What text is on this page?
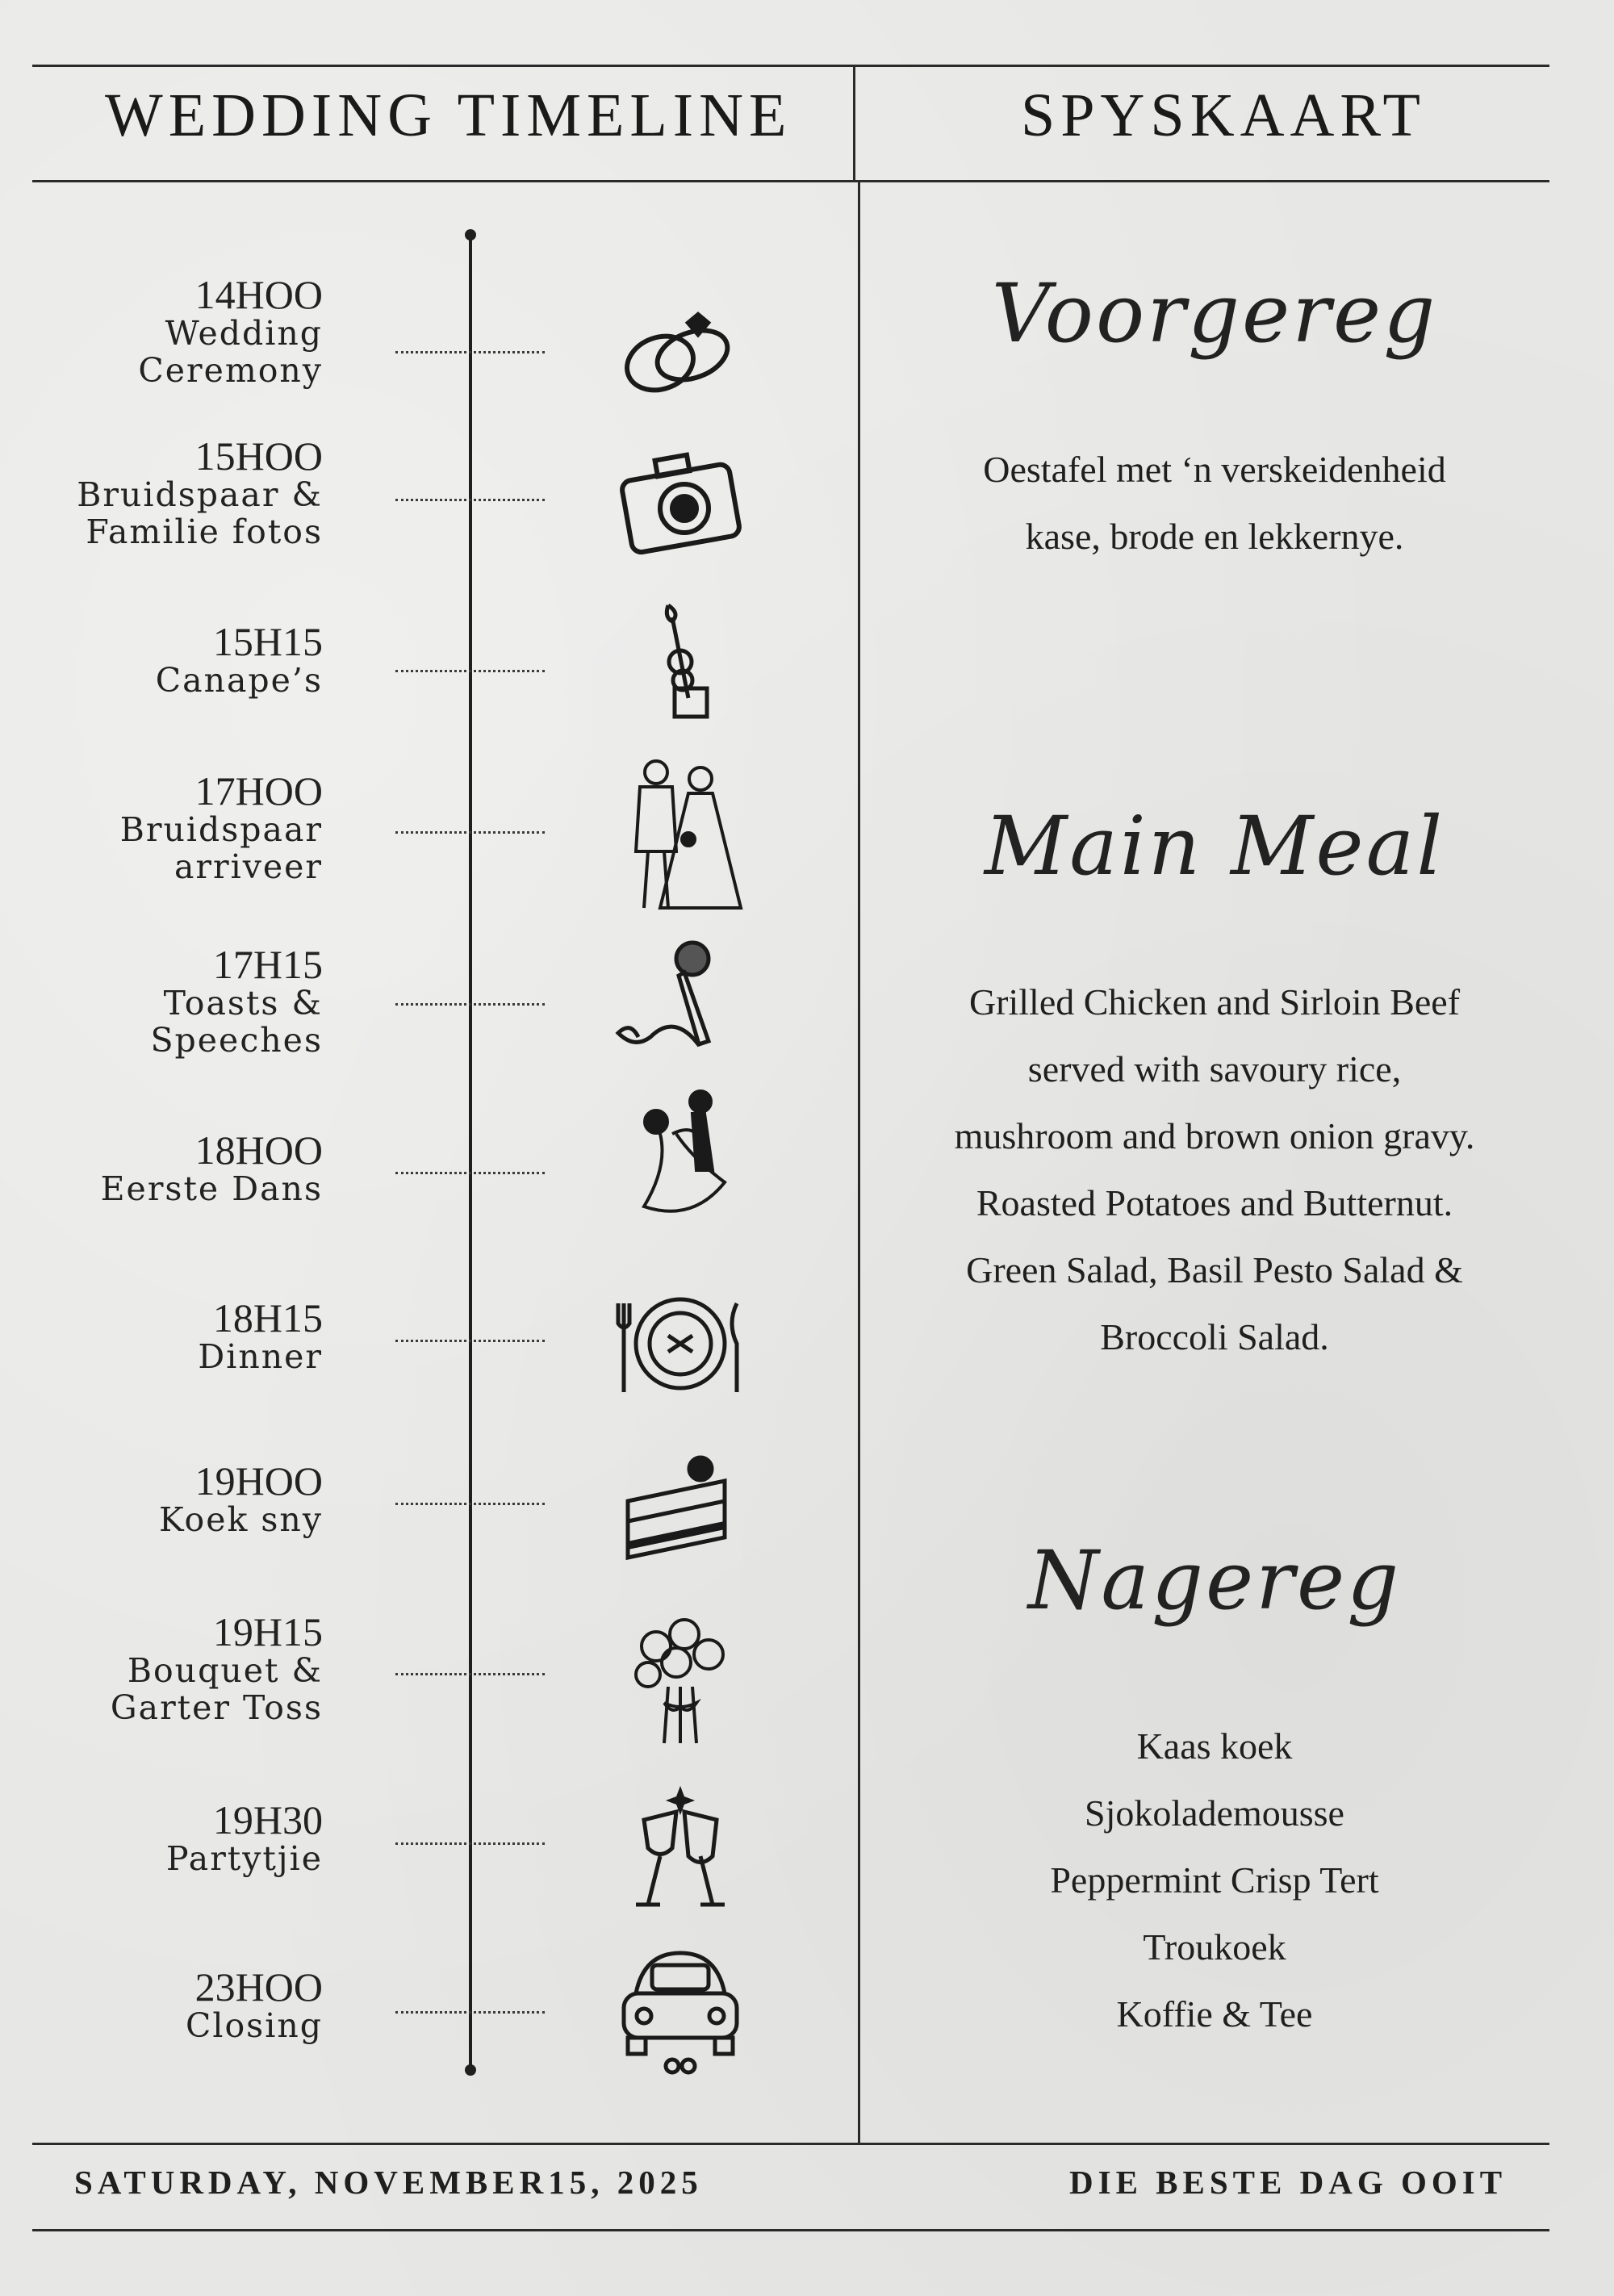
WEDDING TIMELINE	SPYSKAART
14HOO
Wedding
Ceremony
15HOO
Bruidspaar &
Familie fotos
15H15
Canape’s
17HOO
Bruidspaar
arriveer
17H15
Toasts &
Speeches
18HOO
Eerste Dans
18H15
Dinner
19HOO
Koek sny
19H15
Bouquet &
Garter Toss
19H30
Partytjie
23HOO
Closing
Voorgereg
Oestafel met ‘n verskeidenheid
kase, brode en lekkernye.
Main Meal
Grilled Chicken and Sirloin Beef
served with savoury rice,
mushroom and brown onion gravy.
Roasted Potatoes and Butternut.
Green Salad, Basil Pesto Salad &
Broccoli Salad.
Nagereg
Kaas koek
Sjokolademousse
Peppermint Crisp Tert
Troukoek
Koffie & Tee
SATURDAY, NOVEMBER15, 2025	DIE BESTE DAG OOIT
